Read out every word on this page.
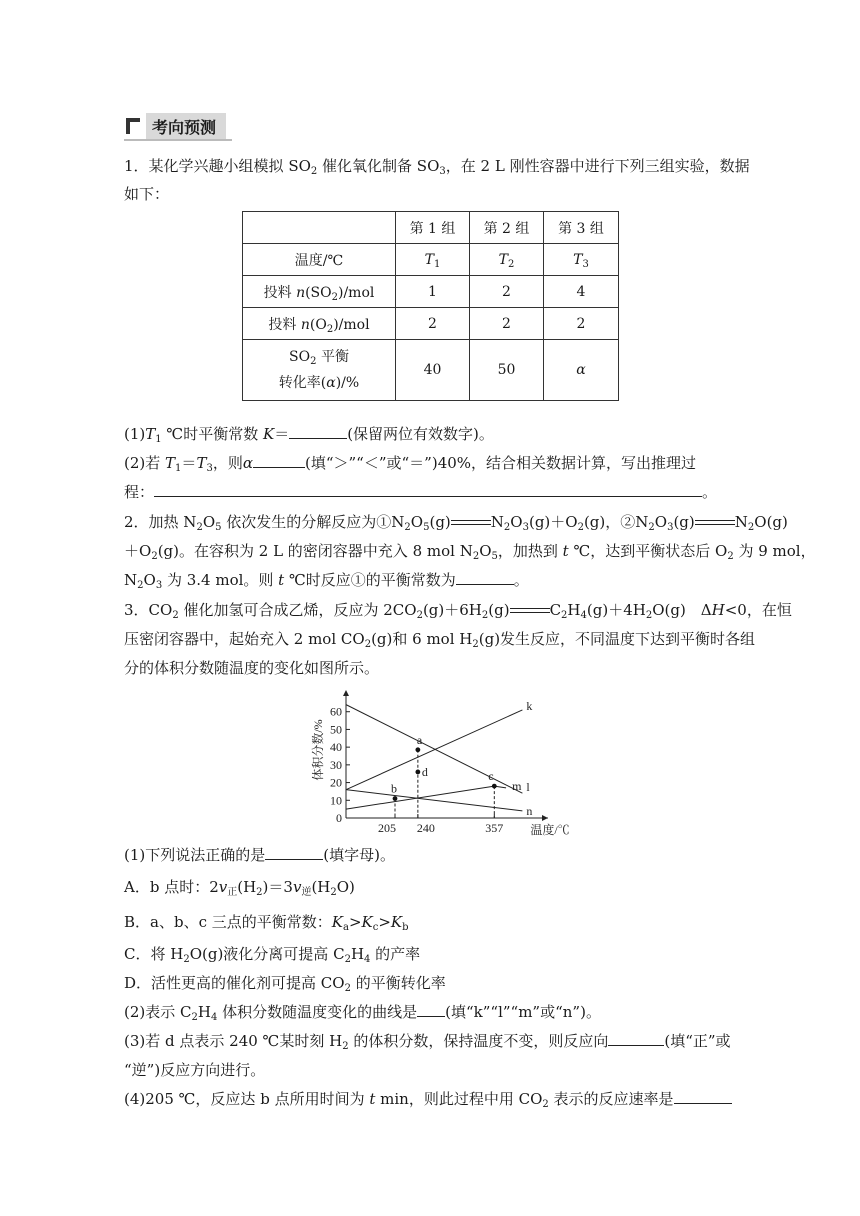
考向预测
1．某化学兴趣小组模拟 $SO_2$ 催化氧化制备 $SO_3$，在 2 L 刚性容器中进行下列三组实验，数据
如下：
	第 1 组	第 2 组	第 3 组
温度/℃	$T_1$	$T_2$	$T_3$
投料 $n(SO_2)$/mol	1	2	4
投料 $n(O_2)$/mol	2	2	2
$SO_2$ 平衡
转化率(α)/%	40	50	α
$(1)T_1$ ℃时平衡常数 K＝	(保留两位有效数字)。
(2)若 $T_1=T_3$，则α	(填“＞”“＜”或“＝”)40%，结合相关数据计算，写出推理过
程：	。
2．加热 $N_2O_5$ 依次发生的分解反应为$①N_2O_5(g)$	$N_2O_3(g)+O_2(g)$，$②N_2O_3(g)$	$N_2O(g)$
$+O_2(g)$。在容积为 2 L 的密闭容器中充入 8 mol $N_2O_5$，加热到 t ℃，达到平衡状态后 $O_2$ 为 9 mol，
$N_2O_3$ 为 3.4 mol。则 t ℃时反应①的平衡常数为	。
3．$CO_2$ 催化加氢可合成乙烯，反应为 $2CO_2(g)+6H_2(g)$	$C_2H_4(g)+4H_2O(g)$　ΔH<0，在恒
压密闭容器中，起始充入 2 mol $CO_2(g)$和 6 mol $H_2(g)$发生反应，不同温度下达到平衡时各组
分的体积分数随温度的变化如图所示。
0
10
20
30
40
50
60
体积分数/%
205 240	357 温度/℃
k
l
m
n
a
b
c
d
(1)下列说法正确的是	(填字母)。
A．b 点时：$2v_正(H_2)=3v_逆(H_2O)$
B．a、b、c 三点的平衡常数：$K_a>K_c>K_b$
C．将 $H_2O(g)$液化分离可提高 $C_2H_4$ 的产率
D．活性更高的催化剂可提高 $CO_2$ 的平衡转化率
(2)表示 $C_2H_4$ 体积分数随温度变化的曲线是 (填“k”“l”“m”或“n”)。
(3)若 d 点表示 240 ℃某时刻 $H_2$ 的体积分数，保持温度不变，则反应向	(填“正”或
“逆”)反应方向进行。
(4)205 ℃，反应达 b 点所用时间为 t min，则此过程中用 $CO_2$ 表示的反应速率是
